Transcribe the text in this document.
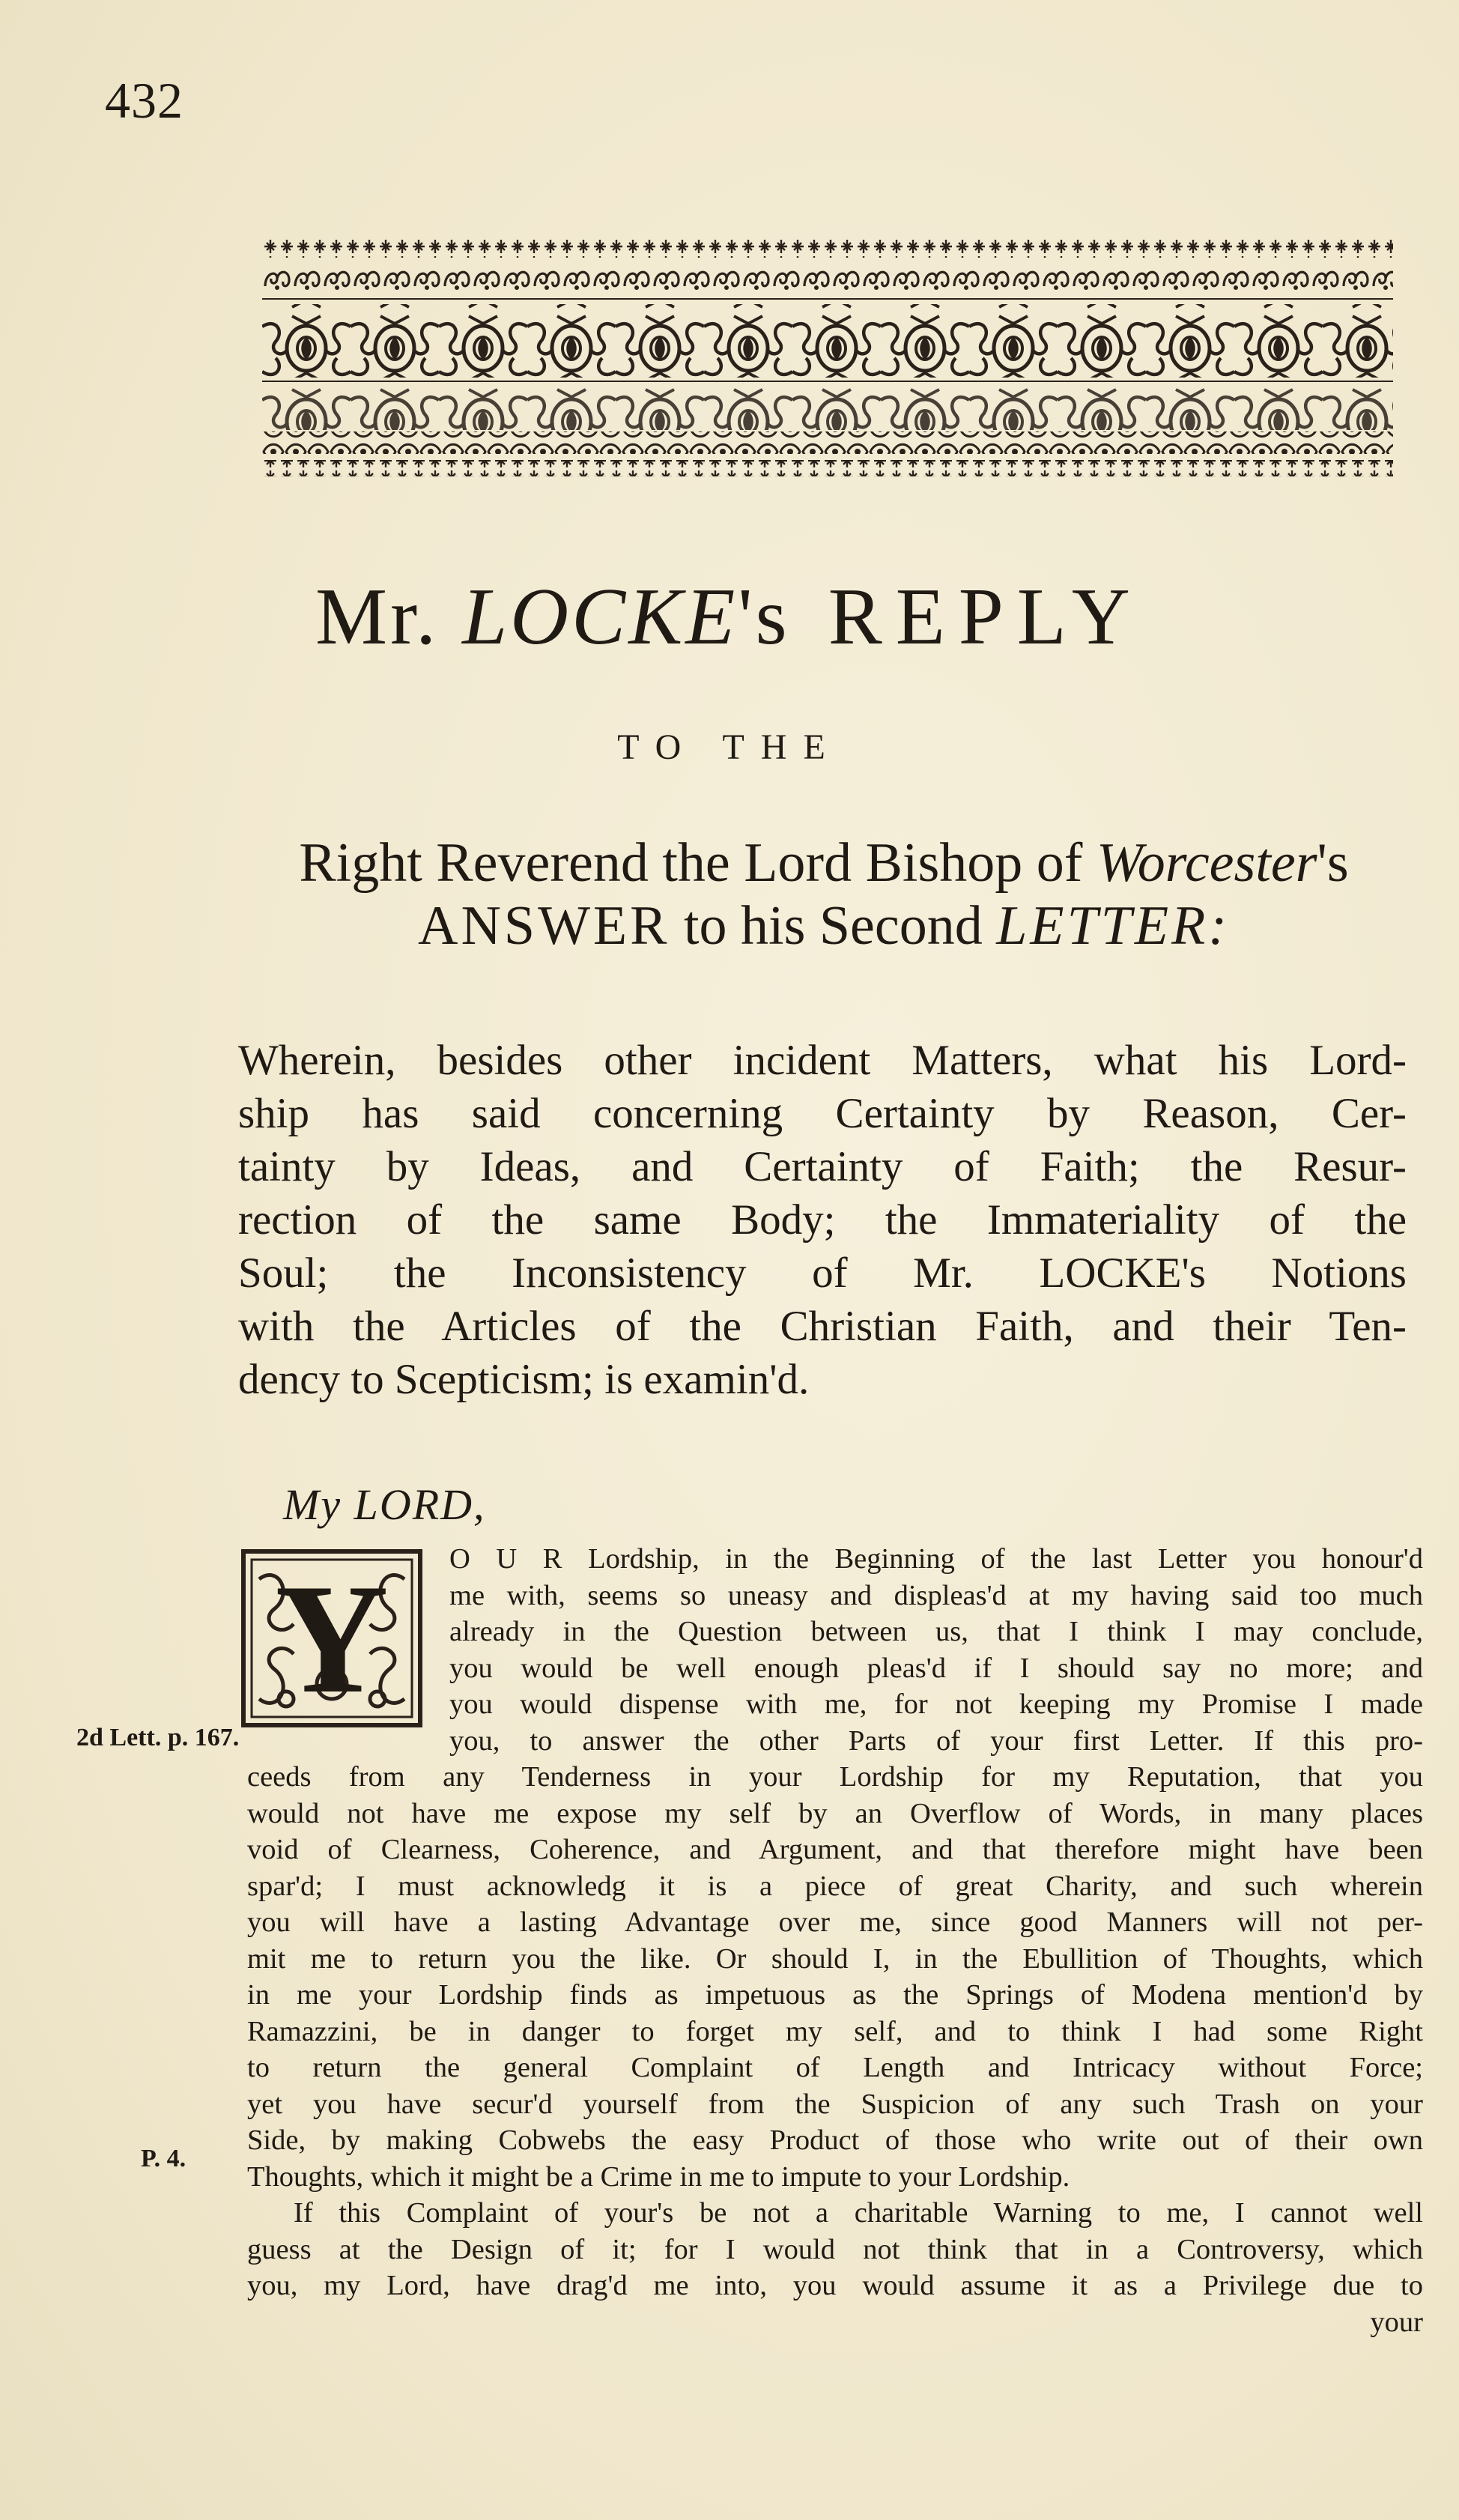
432
Mr. LOCKE's REPLY
TO THE
Right Reverend the Lord Bishop of Worcester's
ANSWER to his Second LETTER:
Wherein, besides other incident Matters, what his Lord-
ship has said concerning Certainty by Reason, Cer-
tainty by Ideas, and Certainty of Faith; the Resur-
rection of the same Body; the Immateriality of the
Soul; the Inconsistency of Mr. LOCKE's Notions
with the Articles of the Christian Faith, and their Ten-
dency to Scepticism; is examin'd.
My LORD,
Y
2d Lett. p. 167.
P. 4.
O U R Lordship, in the Beginning of the last Letter you honour'd
me with, seems so uneasy and displeas'd at my having said too much
already in the Question between us, that I think I may conclude,
you would be well enough pleas'd if I should say no more; and
you would dispense with me, for not keeping my Promise I made
you, to answer the other Parts of your first Letter. If this pro-
ceeds from any Tenderness in your Lordship for my Reputation, that you
would not have me expose my self by an Overflow of Words, in many places
void of Clearness, Coherence, and Argument, and that therefore might have been
spar'd; I must acknowledg it is a piece of great Charity, and such wherein
you will have a lasting Advantage over me, since good Manners will not per-
mit me to return you the like. Or should I, in the Ebullition of Thoughts, which
in me your Lordship finds as impetuous as the Springs of Modena mention'd by
Ramazzini, be in danger to forget my self, and to think I had some Right
to return the general Complaint of Length and Intricacy without Force;
yet you have secur'd yourself from the Suspicion of any such Trash on your
Side, by making Cobwebs the easy Product of those who write out of their own
Thoughts, which it might be a Crime in me to impute to your Lordship.
If this Complaint of your's be not a charitable Warning to me, I cannot well
guess at the Design of it; for I would not think that in a Controversy, which
you, my Lord, have drag'd me into, you would assume it as a Privilege due to
your
